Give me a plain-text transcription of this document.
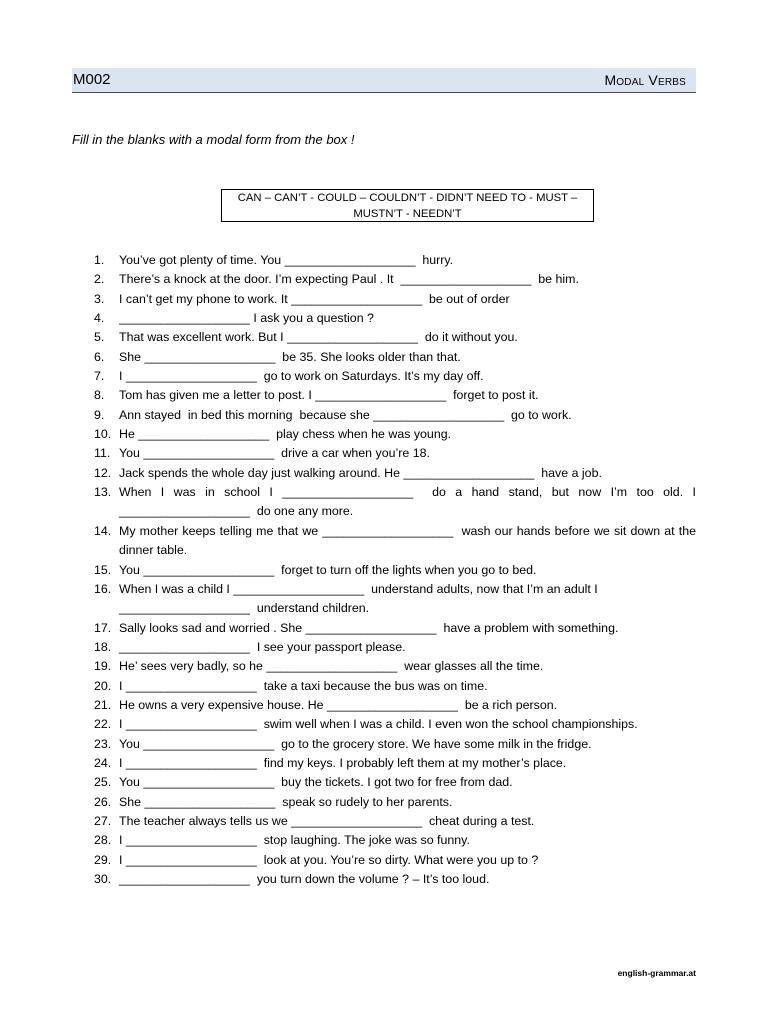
M002	Modal Verbs
Fill in the blanks with a modal form from the box !
CAN – CAN’T - COULD – COULDN’T - DIDN’T NEED TO - MUST –
MUSTN’T - NEEDN’T
1.	You’ve got plenty of time. You ___________________  hurry.
2.	There’s a knock at the door. I’m expecting Paul . It  ___________________  be him.
3.	I can’t get my phone to work. It ___________________  be out of order
4.	___________________ I ask you a question ?
5.	That was excellent work. But I ___________________  do it without you.
6.	She ___________________  be 35. She looks older than that.
7.	I ___________________  go to work on Saturdays. It’s my day off.
8.	Tom has given me a letter to post. I ___________________  forget to post it.
9.	Ann stayed  in bed this morning  because she ___________________  go to work.
10. He ___________________  play chess when he was young.
11. You ___________________  drive a car when you’re 18.
12. Jack spends the whole day just walking around. He ___________________  have a job.
13. When I was in school I ___________________  do a hand stand, but now I’m too old. I ___________________  do one any more.
14. My mother keeps telling me that we ___________________  wash our hands before we sit down at the dinner table.
15. You ___________________  forget to turn off the lights when you go to bed.
16. When I was a child I ___________________  understand adults, now that I’m an adult I ___________________  understand children.
17. Sally looks sad and worried . She ___________________  have a problem with something.
18. ___________________  I see your passport please.
19. He’ sees very badly, so he ___________________  wear glasses all the time.
20. I ___________________  take a taxi because the bus was on time.
21. He owns a very expensive house. He ___________________  be a rich person.
22. I ___________________  swim well when I was a child. I even won the school championships.
23. You ___________________  go to the grocery store. We have some milk in the fridge.
24. I ___________________  find my keys. I probably left them at my mother’s place.
25. You ___________________  buy the tickets. I got two for free from dad.
26. She ___________________  speak so rudely to her parents.
27. The teacher always tells us we ___________________  cheat during a test.
28. I ___________________  stop laughing. The joke was so funny.
29. I ___________________  look at you. You’re so dirty. What were you up to ?
30. ___________________  you turn down the volume ? – It’s too loud.
english-grammar.at
